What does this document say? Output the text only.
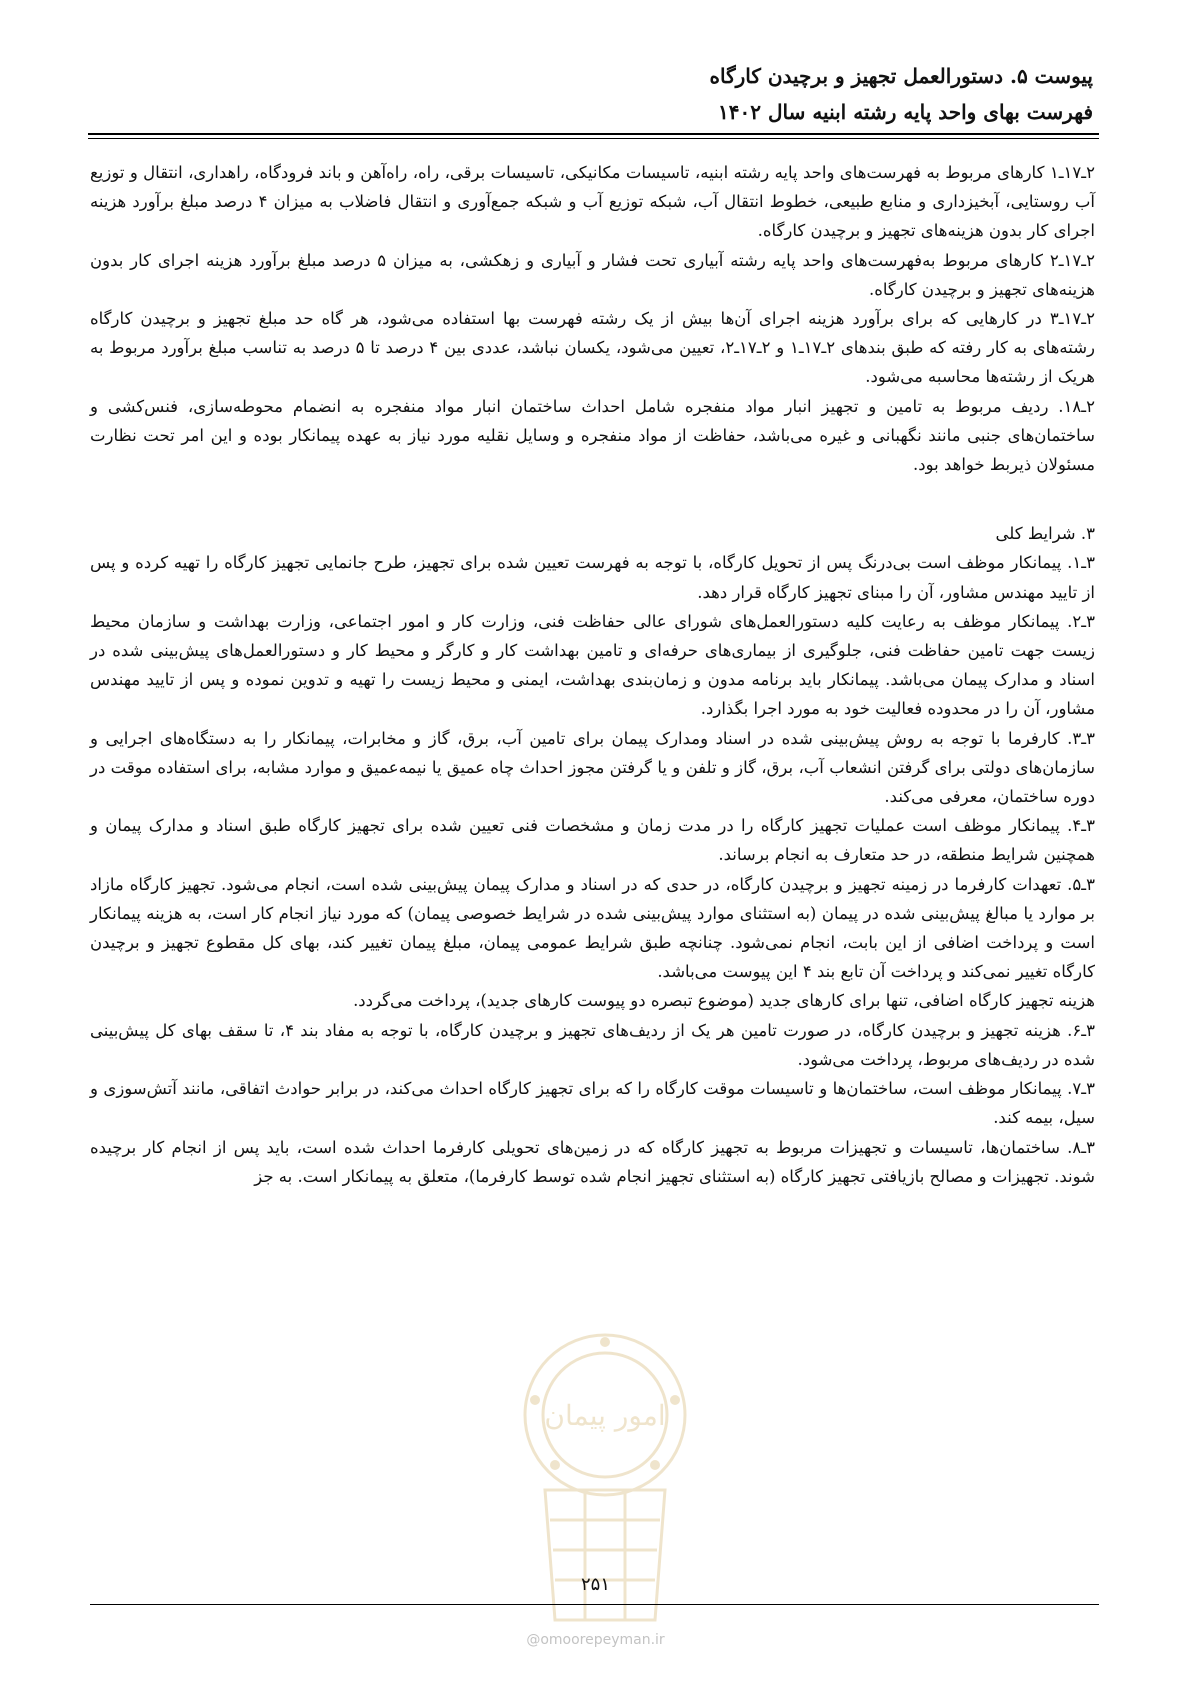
پیوست ۵. دستورالعمل تجهیز و برچیدن کارگاه
فهرست بهای واحد پایه رشته ابنیه سال ۱۴۰۲

۲ـ۱۷ـ۱ کارهای مربوط به فهرست‌های واحد پایه رشته ابنیه، تاسیسات مکانیکی، تاسیسات برقی، راه، راه‌آهن و باند فرودگاه، راهداری، انتقال و توزیع آب روستایی، آبخیزداری و منابع طبیعی، خطوط انتقال آب، شبکه توزیع آب و شبکه جمع‌آوری و انتقال فاضلاب به میزان ۴ درصد مبلغ برآورد هزینه اجرای کار بدون هزینه‌های تجهیز و برچیدن کارگاه.

۲ـ۱۷ـ۲ کارهای مربوط به‌فهرست‌های واحد پایه رشته آبیاری تحت فشار و آبیاری و زهکشی، به میزان ۵ درصد مبلغ برآورد هزینه اجرای کار بدون هزینه‌های تجهیز و برچیدن کارگاه.

۲ـ۱۷ـ۳ در کارهایی که برای برآورد هزینه اجرای آن‌ها بیش از یک رشته فهرست بها استفاده می‌شود، هر گاه حد مبلغ تجهیز و برچیدن کارگاه رشته‌های به کار رفته که طبق بندهای ۲ـ۱۷ـ۱ و ۲ـ۱۷ـ۲، تعیین می‌شود، یکسان نباشد، عددی بین ۴ درصد تا ۵ درصد به تناسب مبلغ برآورد مربوط به هریک از رشته‌ها محاسبه می‌شود.

۲ـ۱۸. ردیف مربوط به تامین و تجهیز انبار مواد منفجره شامل احداث ساختمان انبار مواد منفجره به انضمام محوطه‌سازی، فنس‌کشی و ساختمان‌های جنبی مانند نگهبانی و غیره می‌باشد، حفاظت از مواد منفجره و وسایل نقلیه مورد نیاز به عهده پیمانکار بوده و این امر تحت نظارت مسئولان ذیربط خواهد بود.

۳. شرایط کلی

۳ـ۱. پیمانکار موظف است بی‌درنگ پس از تحویل کارگاه، با توجه به فهرست تعیین شده برای تجهیز، طرح جانمایی تجهیز کارگاه را تهیه کرده و پس از تایید مهندس مشاور، آن را مبنای تجهیز کارگاه قرار دهد.

۳ـ۲. پیمانکار موظف به رعایت کلیه دستورالعمل‌های شورای عالی حفاظت فنی، وزارت کار و امور اجتماعی، وزارت بهداشت و سازمان محیط زیست جهت تامین حفاظت فنی، جلوگیری از بیماری‌های حرفه‌ای و تامین بهداشت کار و کارگر و محیط کار و دستورالعمل‌های پیش‌بینی شده در اسناد و مدارک پیمان می‌باشد. پیمانکار باید برنامه مدون و زمان‌بندی بهداشت، ایمنی و محیط زیست را تهیه و تدوین نموده و پس از تایید مهندس مشاور، آن را در محدوده فعالیت خود به مورد اجرا بگذارد.

۳ـ۳. کارفرما با توجه به روش پیش‌بینی شده در اسناد ومدارک پیمان برای تامین آب، برق، گاز و مخابرات، پیمانکار را به دستگاه‌های اجرایی و سازمان‌های دولتی برای گرفتن انشعاب آب، برق، گاز و تلفن و یا گرفتن مجوز احداث چاه عمیق یا نیمه‌عمیق و موارد مشابه، برای استفاده موقت در دوره ساختمان، معرفی می‌کند.

۳ـ۴. پیمانکار موظف است عملیات تجهیز کارگاه را در مدت زمان و مشخصات فنی تعیین شده برای تجهیز کارگاه طبق اسناد و مدارک پیمان و همچنین شرایط منطقه، در حد متعارف به انجام برساند.

۳ـ۵. تعهدات کارفرما در زمینه تجهیز و برچیدن کارگاه، در حدی که در اسناد و مدارک پیمان پیش‌بینی شده است، انجام می‌شود. تجهیز کارگاه مازاد بر موارد یا مبالغ پیش‌بینی شده در پیمان (به استثنای موارد پیش‌بینی شده در شرایط خصوصی پیمان) که مورد نیاز انجام کار است، به هزینه پیمانکار است و پرداخت اضافی از این بابت، انجام نمی‌شود. چنانچه طبق شرایط عمومی پیمان، مبلغ پیمان تغییر کند، بهای کل مقطوع تجهیز و برچیدن کارگاه تغییر نمی‌کند و پرداخت آن تابع بند ۴ این پیوست می‌باشد.

هزینه تجهیز کارگاه اضافی، تنها برای کارهای جدید (موضوع تبصره دو پیوست کارهای جدید)، پرداخت می‌گردد.

۳ـ۶. هزینه تجهیز و برچیدن کارگاه، در صورت تامین هر یک از ردیف‌های تجهیز و برچیدن کارگاه، با توجه به مفاد بند ۴، تا سقف بهای کل پیش‌بینی شده در ردیف‌های مربوط، پرداخت می‌شود.

۳ـ۷. پیمانکار موظف است، ساختمان‌ها و تاسیسات موقت کارگاه را که برای تجهیز کارگاه احداث می‌کند، در برابر حوادث اتفاقی، مانند آتش‌سوزی و سیل، بیمه کند.

۳ـ۸. ساختمان‌ها، تاسیسات و تجهیزات مربوط به تجهیز کارگاه که در زمین‌های تحویلی کارفرما احداث شده است، باید پس از انجام کار برچیده شوند. تجهیزات و مصالح بازیافتی تجهیز کارگاه (به استثنای تجهیز انجام شده توسط کارفرما)، متعلق به پیمانکار است. به جز

امور پیمان
۲۵۱
@omoorepeyman.ir
